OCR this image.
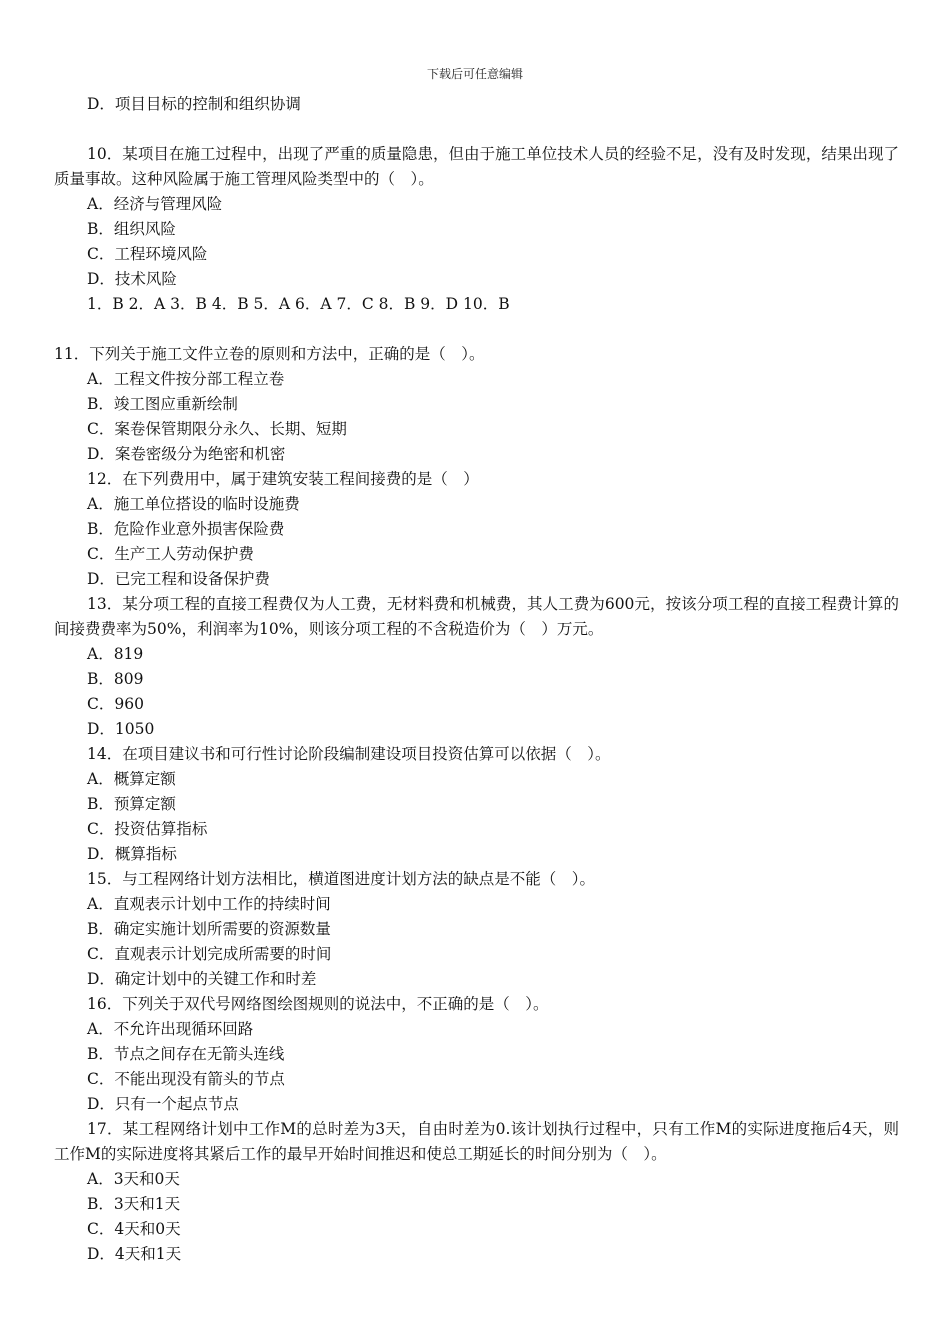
下载后可任意编辑
D．项目目标的控制和组织协调
10．某项目在施工过程中，出现了严重的质量隐患，但由于施工单位技术人员的经验不足，没有及时发现，结果出现了质量事故。这种风险属于施工管理风险类型中的（　）。
A．经济与管理风险
B．组织风险
C．工程环境风险
D．技术风险
1．B 2．A 3．B 4．B 5．A 6．A 7．C 8．B 9．D 10．B
11．下列关于施工文件立卷的原则和方法中，正确的是（　）。
A．工程文件按分部工程立卷
B．竣工图应重新绘制
C．案卷保管期限分永久、长期、短期
D．案卷密级分为绝密和机密
12．在下列费用中，属于建筑安装工程间接费的是（　）
A．施工单位搭设的临时设施费
B．危险作业意外损害保险费
C．生产工人劳动保护费
D．已完工程和设备保护费
13．某分项工程的直接工程费仅为人工费，无材料费和机械费，其人工费为600元，按该分项工程的直接工程费计算的间接费费率为50%，利润率为10%，则该分项工程的不含税造价为（　）万元。
A．819
B．809
C．960
D．1050
14．在项目建议书和可行性讨论阶段编制建设项目投资估算可以依据（　）。
A．概算定额
B．预算定额
C．投资估算指标
D．概算指标
15．与工程网络计划方法相比，横道图进度计划方法的缺点是不能（　）。
A．直观表示计划中工作的持续时间
B．确定实施计划所需要的资源数量
C．直观表示计划完成所需要的时间
D．确定计划中的关键工作和时差
16．下列关于双代号网络图绘图规则的说法中，不正确的是（　）。
A．不允许出现循环回路
B．节点之间存在无箭头连线
C．不能出现没有箭头的节点
D．只有一个起点节点
17．某工程网络计划中工作M的总时差为3天，自由时差为0.该计划执行过程中，只有工作M的实际进度拖后4天，则工作M的实际进度将其紧后工作的最早开始时间推迟和使总工期延长的时间分别为（　）。
A．3天和0天
B．3天和1天
C．4天和0天
D．4天和1天
